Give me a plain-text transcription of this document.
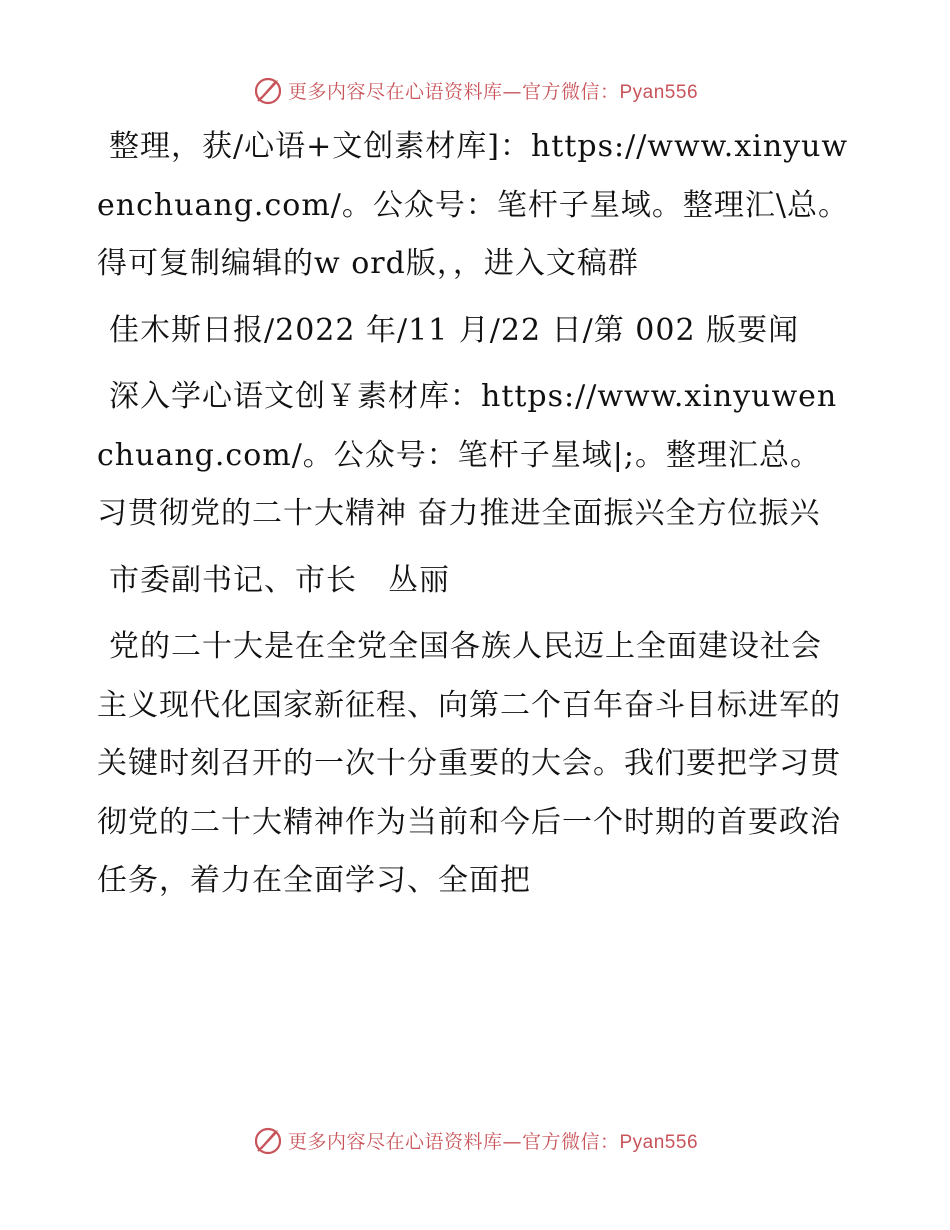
更多内容尽在心语资料库—官方微信：Pyan556

整理，获/心语+文创素材库]：https://www.xinyuwenchuang.com/。公众号：笔杆子星域。整理汇\总。得可复制编辑的w ord版，，进入文稿群

佳木斯日报/2022 年/11 月/22 日/第 002 版要闻

深入学心语文创￥素材库：https://www.xinyuwenchuang.com/。公众号：笔杆子星域|;。整理汇总。习贯彻党的二十大精神 奋力推进全面振兴全方位振兴

市委副书记、市长　丛丽

党的二十大是在全党全国各族人民迈上全面建设社会主义现代化国家新征程、向第二个百年奋斗目标进军的关键时刻召开的一次十分重要的大会。我们要把学习贯彻党的二十大精神作为当前和今后一个时期的首要政治任务，着力在全面学习、全面把

更多内容尽在心语资料库—官方微信：Pyan556
